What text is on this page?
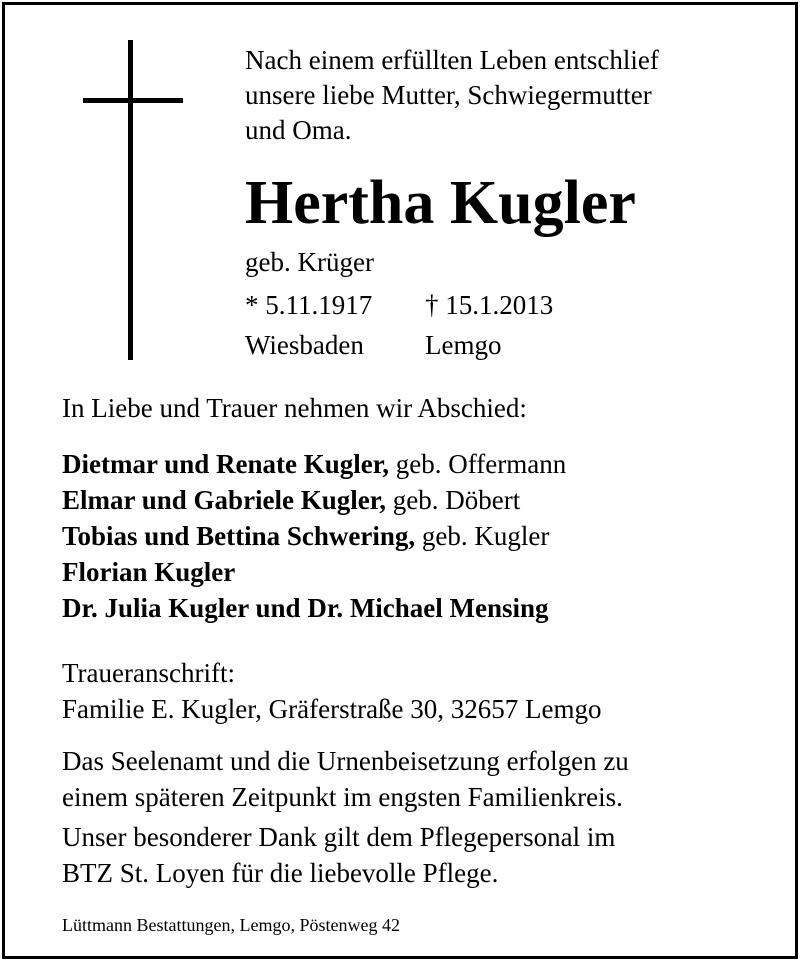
Nach einem erfüllten Leben entschlief
unsere liebe Mutter, Schwiegermutter
und Oma.
Hertha Kugler
geb. Krüger
* 5.11.1917 † 15.1.2013
Wiesbaden Lemgo
In Liebe und Trauer nehmen wir Abschied:
Dietmar und Renate Kugler, geb. Offermann
Elmar und Gabriele Kugler, geb. Döbert
Tobias und Bettina Schwering, geb. Kugler
Florian Kugler
Dr. Julia Kugler und Dr. Michael Mensing
Traueranschrift:
Familie E. Kugler, Gräferstraße 30, 32657 Lemgo
Das Seelenamt und die Urnenbeisetzung erfolgen zu
einem späteren Zeitpunkt im engsten Familienkreis.
Unser besonderer Dank gilt dem Pflegepersonal im
BTZ St. Loyen für die liebevolle Pflege.
Lüttmann Bestattungen, Lemgo, Pöstenweg 42
